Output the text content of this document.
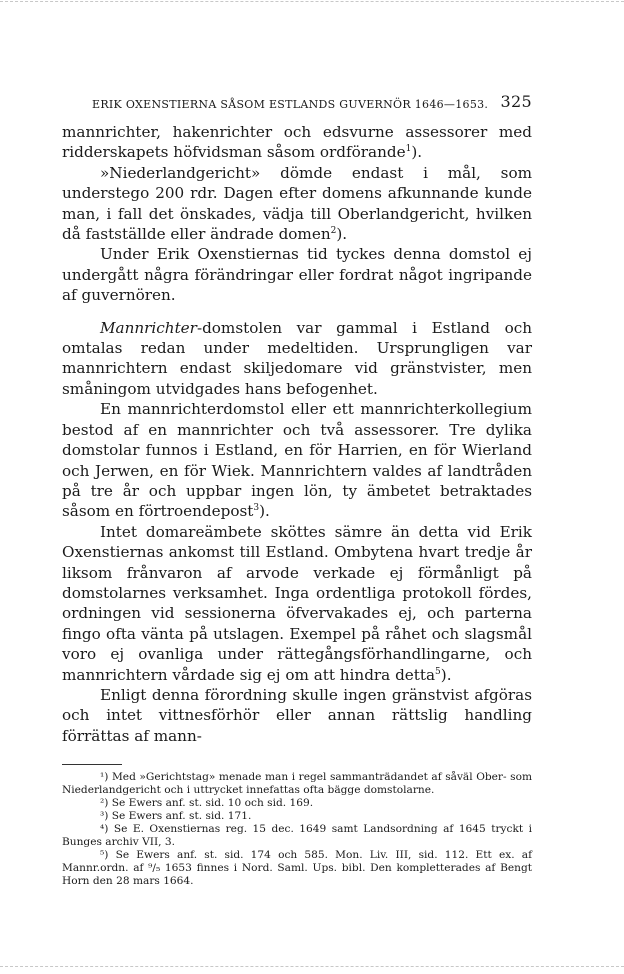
ERIK OXENSTIERNA SÅSOM ESTLANDS GUVERNÖR 1646—1653. 325

mannrichter, hakenrichter och edsvurne assessorer med ridderskapets höfvidsman såsom ordförande$^1$).

»Niederlandgericht» dömde endast i mål, som understego 200 rdr. Dagen efter domens afkunnande kunde man, i fall det önskades, vädja till Oberlandgericht, hvilken då fastställde eller ändrade domen$^2$).

Under Erik Oxenstiernas tid tyckes denna domstol ej undergått några förändringar eller fordrat något ingripande af guvernören.

Mannrichter-domstolen var gammal i Estland och omtalas redan under medeltiden. Ursprungligen var mannrichtern endast skiljedomare vid gränstvister, men småningom utvidgades hans befogenhet.

En mannrichterdomstol eller ett mannrichterkollegium bestod af en mannrichter och två assessorer. Tre dylika domstolar funnos i Estland, en för Harrien, en för Wierland och Jerwen, en för Wiek. Mannrichtern valdes af landtråden på tre år och uppbar ingen lön, ty ämbetet betraktades såsom en förtroendepost$^3$).

Intet domareämbete sköttes sämre än detta vid Erik Oxenstiernas ankomst till Estland. Ombytena hvart tredje år liksom frånvaron af arvode verkade ej förmånligt på domstolarnes verksamhet. Inga ordentliga protokoll fördes, ordningen vid sessionerna öfvervakades ej, och parterna fingo ofta vänta på utslagen. Exempel på råhet och slagsmål voro ej ovanliga under rättegångsförhandlingarne, och mannrichtern vårdade sig ej om att hindra detta$^5$).

Enligt denna förordning skulle ingen gränstvist afgöras och intet vittnesförhör eller annan rättslig handling förrättas af mann-

¹) Med »Gerichtstag» menade man i regel sammanträdandet af såväl Ober- som Niederlandgericht och i uttrycket innefattas ofta bägge domstolarne.

²) Se Ewers anf. st. sid. 10 och sid. 169.

³) Se Ewers anf. st. sid. 171.

⁴) Se E. Oxenstiernas reg. 15 dec. 1649 samt Landsordning af 1645 tryckt i Bunges archiv VII, 3.

⁵) Se Ewers anf. st. sid. 174 och 585. Mon. Liv. III, sid. 112. Ett ex. af Mannr.ordn. af ⁹/₅ 1653 finnes i Nord. Saml. Ups. bibl. Den kompletterades af Bengt Horn den 28 mars 1664.
